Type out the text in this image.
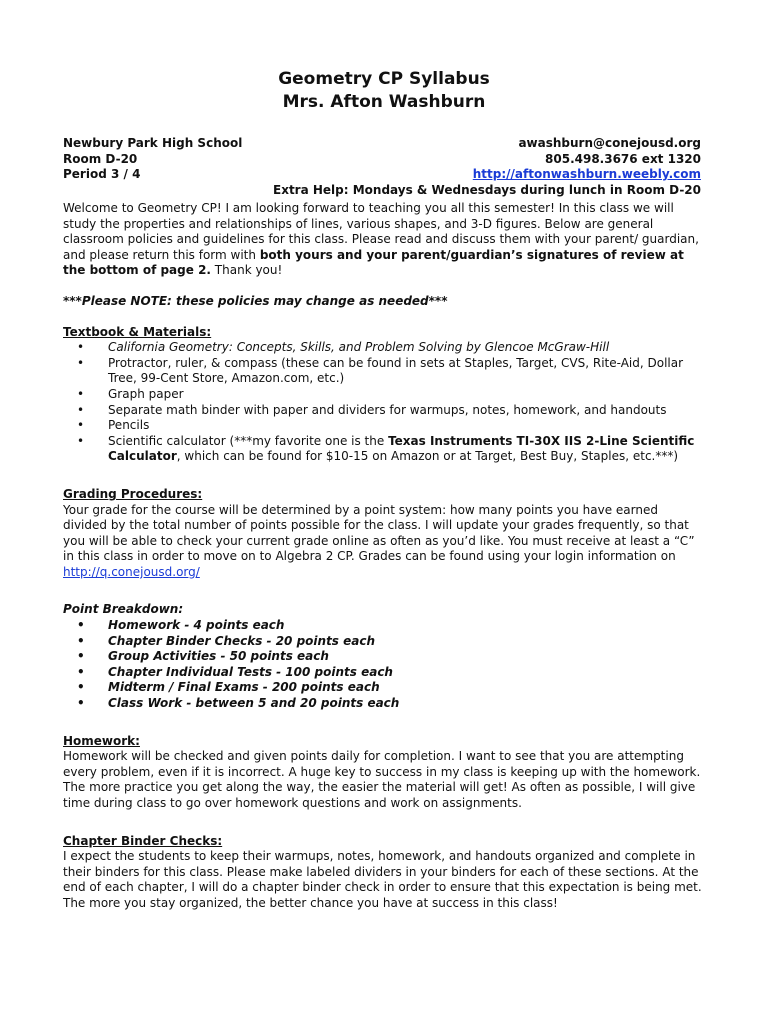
Geometry CP Syllabus
Mrs. Afton Washburn
Newbury Park High School
Room D-20
Period 3 / 4
awashburn@conejousd.org
805.498.3676 ext 1320
http://aftonwashburn.weebly.com
Extra Help: Mondays & Wednesdays during lunch in Room D-20
Welcome to Geometry CP! I am looking forward to teaching you all this semester! In this class we will study the properties and relationships of lines, various shapes, and 3-D figures. Below are general classroom policies and guidelines for this class. Please read and discuss them with your parent/ guardian, and please return this form with both yours and your parent/guardian’s signatures of review at the bottom of page 2. Thank you!
***Please NOTE: these policies may change as needed***
Textbook & Materials:
• California Geometry: Concepts, Skills, and Problem Solving by Glencoe McGraw-Hill
• Protractor, ruler, & compass (these can be found in sets at Staples, Target, CVS, Rite-Aid, Dollar Tree, 99-Cent Store, Amazon.com, etc.)
• Graph paper
• Separate math binder with paper and dividers for warmups, notes, homework, and handouts
• Pencils
• Scientific calculator (***my favorite one is the Texas Instruments TI-30X IIS 2-Line Scientific Calculator, which can be found for $10-15 on Amazon or at Target, Best Buy, Staples, etc.***)
Grading Procedures:
Your grade for the course will be determined by a point system: how many points you have earned divided by the total number of points possible for the class. I will update your grades frequently, so that you will be able to check your current grade online as often as you’d like. You must receive at least a “C” in this class in order to move on to Algebra 2 CP. Grades can be found using your login information on http://q.conejousd.org/
Point Breakdown:
• Homework - 4 points each
• Chapter Binder Checks - 20 points each
• Group Activities - 50 points each
• Chapter Individual Tests - 100 points each
• Midterm / Final Exams - 200 points each
• Class Work - between 5 and 20 points each
Homework:
Homework will be checked and given points daily for completion. I want to see that you are attempting every problem, even if it is incorrect. A huge key to success in my class is keeping up with the homework. The more practice you get along the way, the easier the material will get! As often as possible, I will give time during class to go over homework questions and work on assignments.
Chapter Binder Checks:
I expect the students to keep their warmups, notes, homework, and handouts organized and complete in their binders for this class. Please make labeled dividers in your binders for each of these sections. At the end of each chapter, I will do a chapter binder check in order to ensure that this expectation is being met. The more you stay organized, the better chance you have at success in this class!
